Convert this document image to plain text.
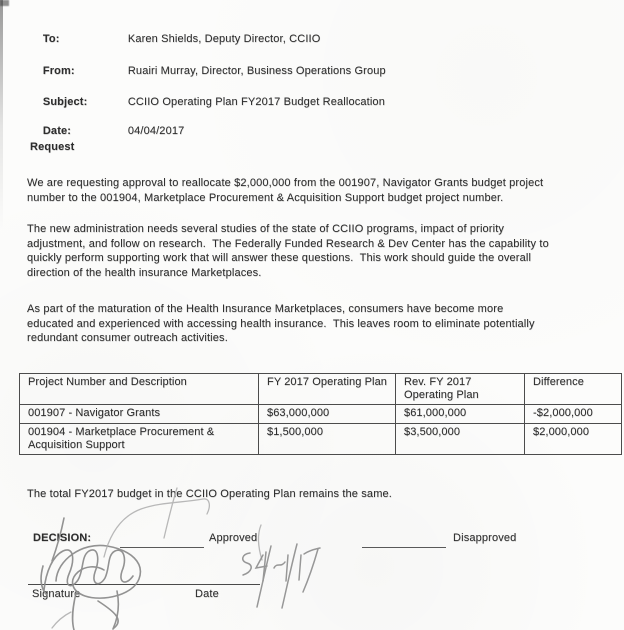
To:	Karen Shields, Deputy Director, CCIIO

From:	Ruairi Murray, Director, Business Operations Group

Subject:	CCIIO Operating Plan FY2017 Budget Reallocation

Date:	04/04/2017

Request
We are requesting approval to reallocate $2,000,000 from the 001907, Navigator Grants budget project
number to the 001904, Marketplace Procurement & Acquisition Support budget project number.
The new administration needs several studies of the state of CCIIO programs, impact of priority
adjustment, and follow on research.  The Federally Funded Research & Dev Center has the capability to
quickly perform supporting work that will answer these questions.  This work should guide the overall
direction of the health insurance Marketplaces.
As part of the maturation of the Health Insurance Marketplaces, consumers have become more
educated and experienced with accessing health insurance.  This leaves room to eliminate potentially
redundant consumer outreach activities.
Project Number and Description	FY 2017 Operating Plan	Rev. FY 2017 Operating Plan	Difference
001907 - Navigator Grants	$63,000,000	$61,000,000	-$2,000,000
001904 - Marketplace Procurement & Acquisition Support	$1,500,000	$3,500,000	$2,000,000
The total FY2017 budget in the CCIIO Operating Plan remains the same.
DECISION:	Approved	Disapproved
Signature	Date
